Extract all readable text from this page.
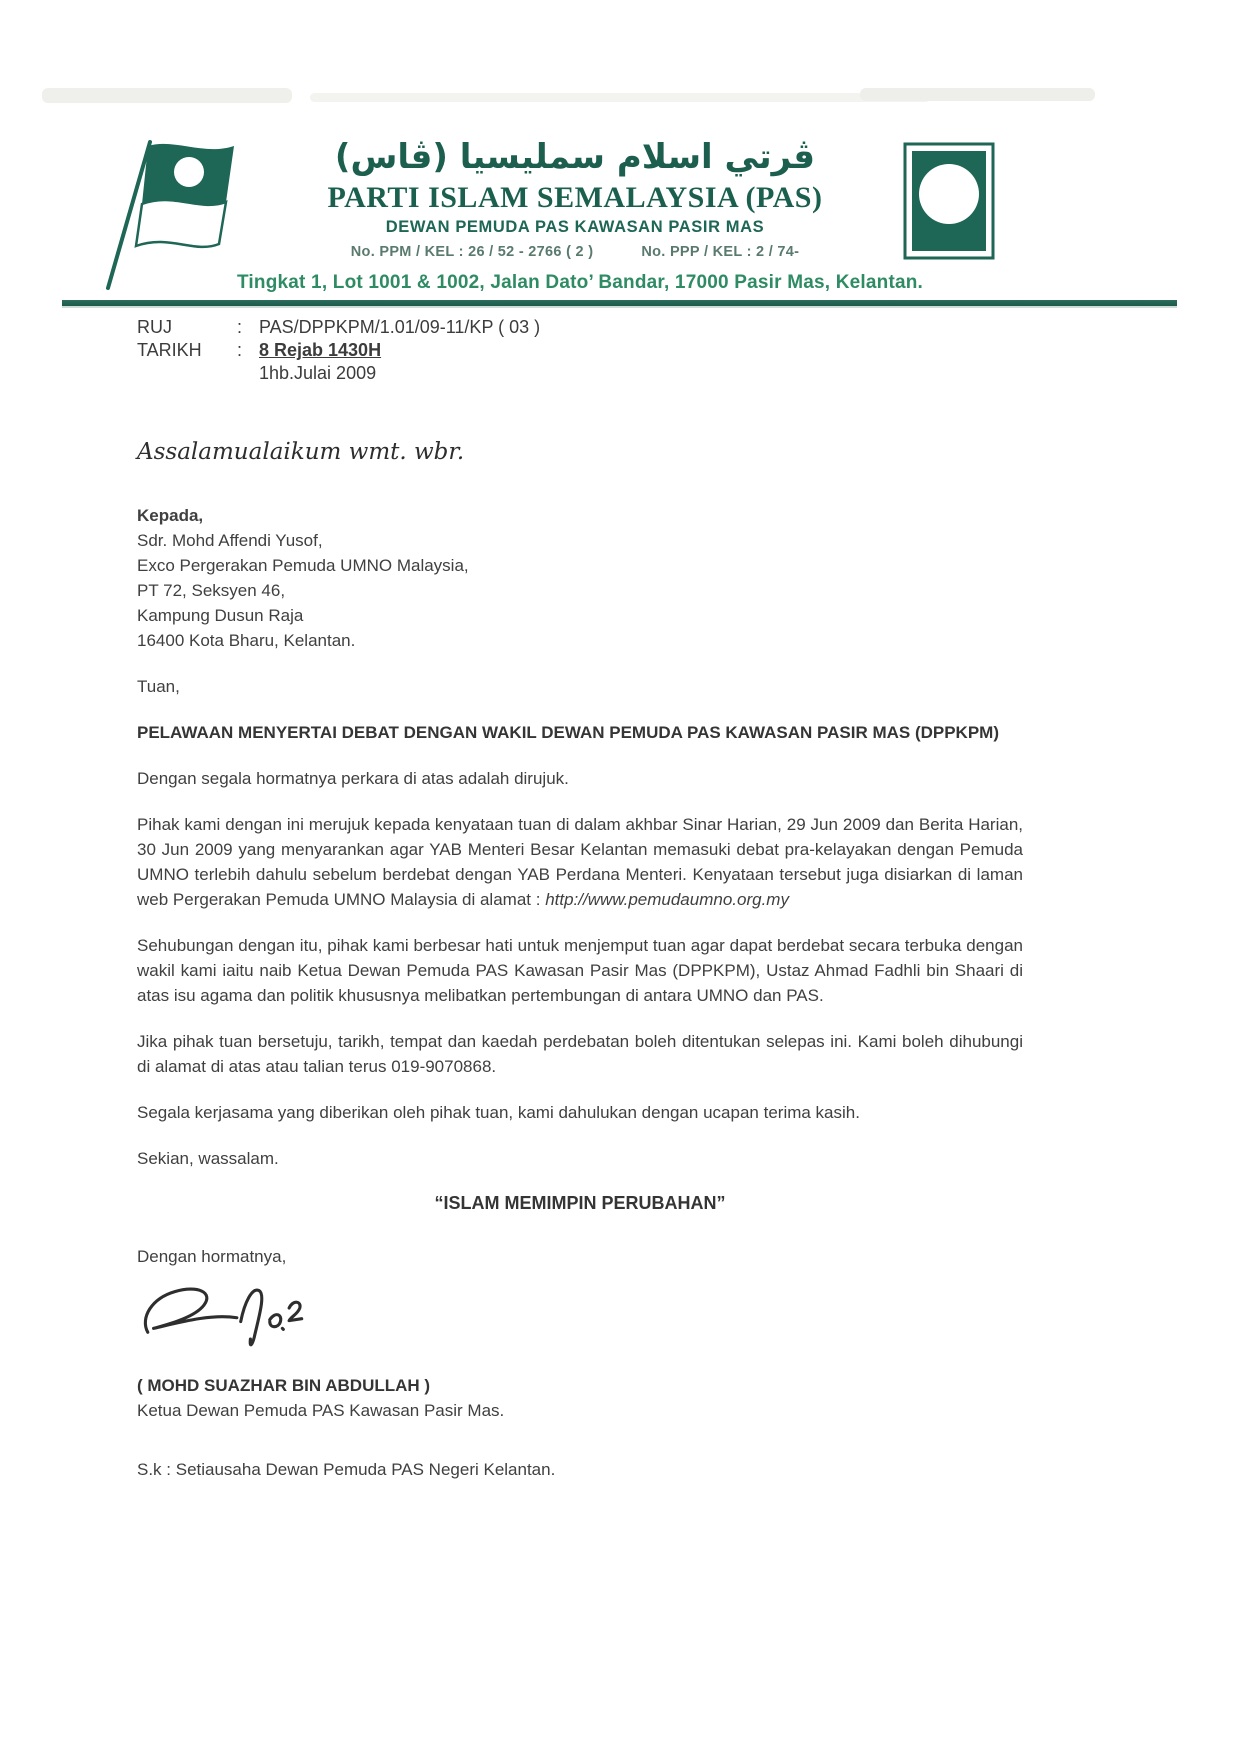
ڤرتي اسلام سمليسيا (ڤاس)
PARTI ISLAM SEMALAYSIA (PAS)
DEWAN PEMUDA PAS KAWASAN PASIR MAS
No. PPM / KEL : 26 / 52 - 2766 ( 2 )	No. PPP / KEL : 2 / 74-
Tingkat 1, Lot 1001 & 1002, Jalan Dato’ Bandar, 17000 Pasir Mas, Kelantan.
RUJ	: PAS/DPPKPM/1.01/09-11/KP ( 03 )
TARIKH	: 8 Rejab 1430H
1hb.Julai 2009
Assalamualaikum wmt. wbr.
Kepada,
Sdr. Mohd Affendi Yusof,
Exco Pergerakan Pemuda UMNO Malaysia,
PT 72, Seksyen 46,
Kampung Dusun Raja
16400 Kota Bharu, Kelantan.
Tuan,
PELAWAAN MENYERTAI DEBAT DENGAN WAKIL DEWAN PEMUDA PAS KAWASAN PASIR MAS (DPPKPM)

Dengan segala hormatnya perkara di atas adalah dirujuk.

Pihak kami dengan ini merujuk kepada kenyataan tuan di dalam akhbar Sinar Harian, 29 Jun 2009 dan Berita Harian, 30 Jun 2009 yang menyarankan agar YAB Menteri Besar Kelantan memasuki debat pra-kelayakan dengan Pemuda UMNO terlebih dahulu sebelum berdebat dengan YAB Perdana Menteri. Kenyataan tersebut juga disiarkan di laman web Pergerakan Pemuda UMNO Malaysia di alamat : http://www.pemudaumno.org.my

Sehubungan dengan itu, pihak kami berbesar hati untuk menjemput tuan agar dapat berdebat secara terbuka dengan wakil kami iaitu naib Ketua Dewan Pemuda PAS Kawasan Pasir Mas (DPPKPM), Ustaz Ahmad Fadhli bin Shaari di atas isu agama dan politik khususnya melibatkan pertembungan di antara UMNO dan PAS.

Jika pihak tuan bersetuju, tarikh, tempat dan kaedah perdebatan boleh ditentukan selepas ini. Kami boleh dihubungi di alamat di atas atau talian terus 019-9070868.

Segala kerjasama yang diberikan oleh pihak tuan, kami dahulukan dengan ucapan terima kasih.

Sekian, wassalam.
“ISLAM MEMIMPIN PERUBAHAN”
Dengan hormatnya,
( MOHD SUAZHAR BIN ABDULLAH )
Ketua Dewan Pemuda PAS Kawasan Pasir Mas.
S.k : Setiausaha Dewan Pemuda PAS Negeri Kelantan.
